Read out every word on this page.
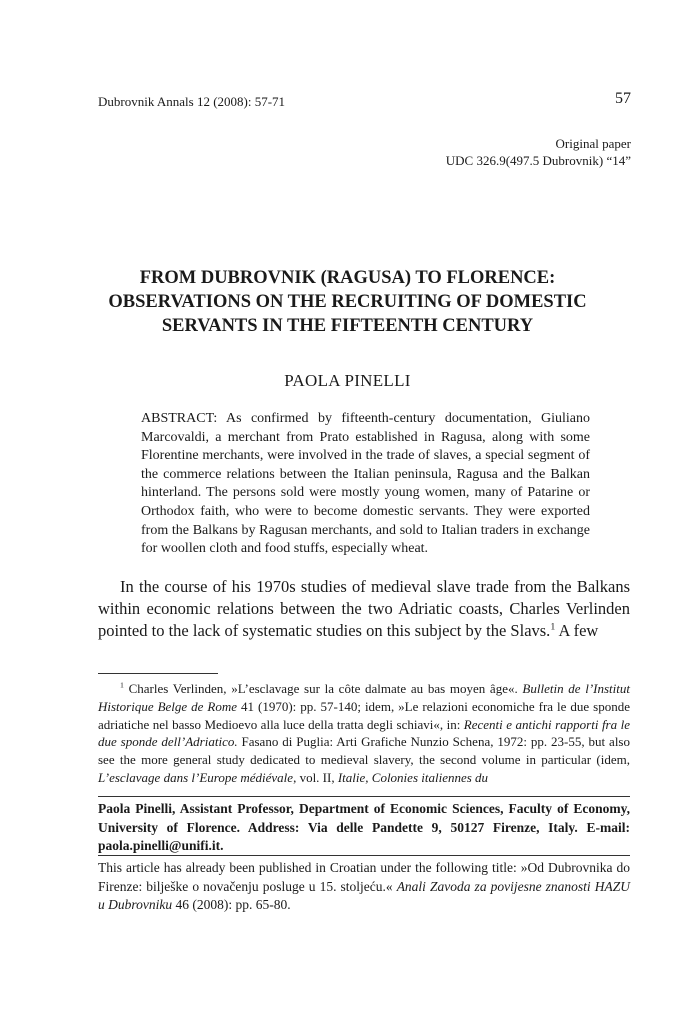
Dubrovnik Annals 12 (2008): 57-71	57
Original paper
UDC 326.9(497.5 Dubrovnik) “14”
FROM DUBROVNIK (RAGUSA) TO FLORENCE:
OBSERVATIONS ON THE RECRUITING OF DOMESTIC
SERVANTS IN THE FIFTEENTH CENTURY
PAOLA PINELLI
ABSTRACT: As confirmed by fifteenth-century documentation, Giuliano Marcovaldi, a merchant from Prato established in Ragusa, along with some Florentine merchants, were involved in the trade of slaves, a special segment of the commerce relations between the Italian peninsula, Ragusa and the Balkan hinterland. The persons sold were mostly young women, many of Patarine or Orthodox faith, who were to become domestic servants. They were exported from the Balkans by Ragusan merchants, and sold to Italian traders in exchange for woollen cloth and food stuffs, especially wheat.
In the course of his 1970s studies of medieval slave trade from the Balkans within economic relations between the two Adriatic coasts, Charles Verlinden pointed to the lack of systematic studies on this subject by the Slavs.$^1$ A few
$^1$ Charles Verlinden, »L’esclavage sur la côte dalmate au bas moyen âge«. Bulletin de l’Institut Historique Belge de Rome 41 (1970): pp. 57-140; idem, »Le relazioni economiche fra le due sponde adriatiche nel basso Medioevo alla luce della tratta degli schiavi«, in: Recenti e antichi rapporti fra le due sponde dell’Adriatico. Fasano di Puglia: Arti Grafiche Nunzio Schena, 1972: pp. 23-55, but also see the more general study dedicated to medieval slavery, the second volume in particular (idem, L’esclavage dans l’Europe médiévale, vol. II, Italie, Colonies italiennes du
Paola Pinelli, Assistant Professor, Department of Economic Sciences, Faculty of Economy, University of Florence. Address: Via delle Pandette 9, 50127 Firenze, Italy. E-mail: paola.pinelli@unifi.it.
This article has already been published in Croatian under the following title: »Od Dubrovnika do Firenze: bilješke o novačenju posluge u 15. stoljeću.« Anali Zavoda za povijesne znanosti HAZU u Dubrovniku 46 (2008): pp. 65-80.
